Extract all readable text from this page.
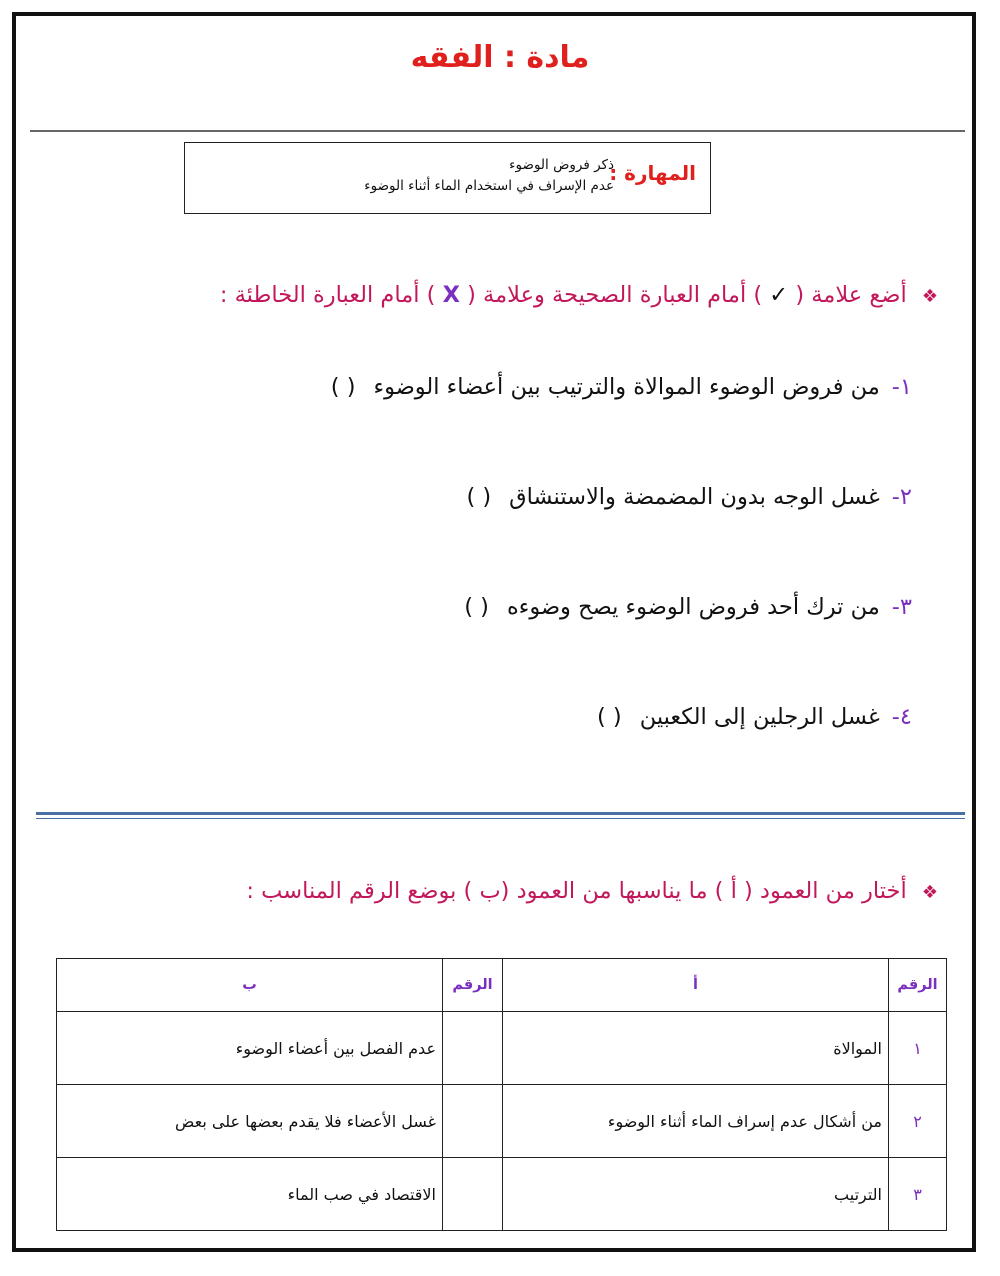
مادة : الفقه
المهارة :
ذكر فروض الوضوء
عدم الإسراف في استخدام الماء أثناء الوضوء
❖ أضع علامة ( ✓ ) أمام العبارة الصحيحة وعلامة ( X ) أمام العبارة الخاطئة :
١-من فروض الوضوء الموالاة والترتيب بين أعضاء الوضوء( )
٢-غسل الوجه بدون المضمضة والاستنشاق( )
٣-من ترك أحد فروض الوضوء يصح وضوءه( )
٤-غسل الرجلين إلى الكعبين( )
❖ أختار من العمود ( أ ) ما يناسبها من العمود (ب ) بوضع الرقم المناسب :
الرقم	أ	الرقم	ب
١	الموالاة		عدم الفصل بين أعضاء الوضوء
٢	من أشكال عدم إسراف الماء أثناء الوضوء		غسل الأعضاء فلا يقدم بعضها على بعض
٣	الترتيب		الاقتصاد في صب الماء
